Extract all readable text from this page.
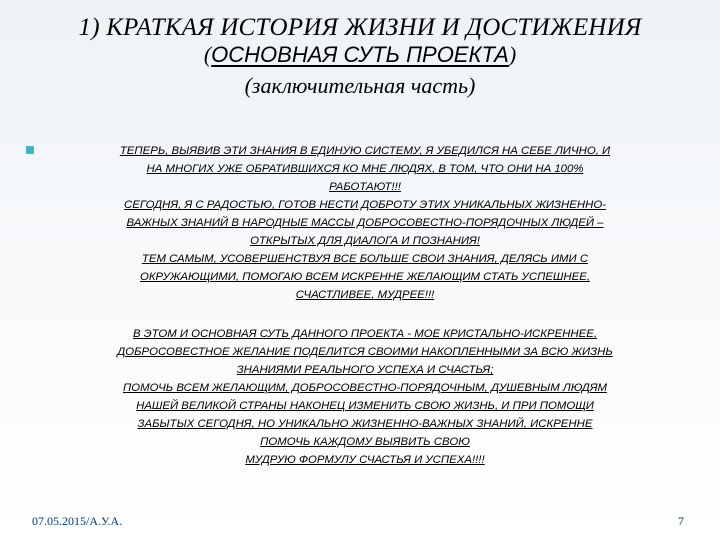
1) КРАТКАЯ ИСТОРИЯ ЖИЗНИ И ДОСТИЖЕНИЯ
(ОСНОВНАЯ СУТЬ ПРОЕКТА)
(заключительная часть)
ТЕПЕРЬ, ВЫЯВИВ ЭТИ ЗНАНИЯ В ЕДИНУЮ СИСТЕМУ, Я УБЕДИЛСЯ НА СЕБЕ ЛИЧНО, И
НА МНОГИХ УЖЕ ОБРАТИВШИХСЯ КО МНЕ ЛЮДЯХ, В ТОМ, ЧТО ОНИ НА 100%
РАБОТАЮТ!!!
СЕГОДНЯ, Я С РАДОСТЬЮ, ГОТОВ НЕСТИ ДОБРОТУ ЭТИХ УНИКАЛЬНЫХ ЖИЗНЕННО-
ВАЖНЫХ ЗНАНИЙ В НАРОДНЫЕ МАССЫ ДОБРОСОВЕСТНО-ПОРЯДОЧНЫХ ЛЮДЕЙ –
ОТКРЫТЫХ ДЛЯ ДИАЛОГА И ПОЗНАНИЯ!
ТЕМ САМЫМ, УСОВЕРШЕНСТВУЯ ВСЕ БОЛЬШЕ СВОИ ЗНАНИЯ, ДЕЛЯСЬ ИМИ С
ОКРУЖАЮЩИМИ, ПОМОГАЮ ВСЕМ ИСКРЕННЕ ЖЕЛАЮЩИМ СТАТЬ УСПЕШНЕЕ,
СЧАСТЛИВЕЕ, МУДРЕЕ!!!
В ЭТОМ И ОСНОВНАЯ СУТЬ ДАННОГО ПРОЕКТА - МОЕ КРИСТАЛЬНО-ИСКРЕННЕЕ,
ДОБРОСОВЕСТНОЕ ЖЕЛАНИЕ ПОДЕЛИТСЯ СВОИМИ НАКОПЛЕННЫМИ ЗА ВСЮ ЖИЗНЬ
ЗНАНИЯМИ РЕАЛЬНОГО УСПЕХА И СЧАСТЬЯ;
ПОМОЧЬ ВСЕМ ЖЕЛАЮЩИМ, ДОБРОСОВЕСТНО-ПОРЯДОЧНЫМ, ДУШЕВНЫМ ЛЮДЯМ
НАШЕЙ ВЕЛИКОЙ СТРАНЫ НАКОНЕЦ ИЗМЕНИТЬ СВОЮ ЖИЗНЬ, И ПРИ ПОМОЩИ
ЗАБЫТЫХ СЕГОДНЯ, НО УНИКАЛЬНО ЖИЗНЕННО-ВАЖНЫХ ЗНАНИЙ, ИСКРЕННЕ
ПОМОЧЬ КАЖДОМУ ВЫЯВИТЬ СВОЮ
МУДРУЮ ФОРМУЛУ СЧАСТЬЯ И УСПЕХА!!!!
07.05.2015/А.У.А.	7
